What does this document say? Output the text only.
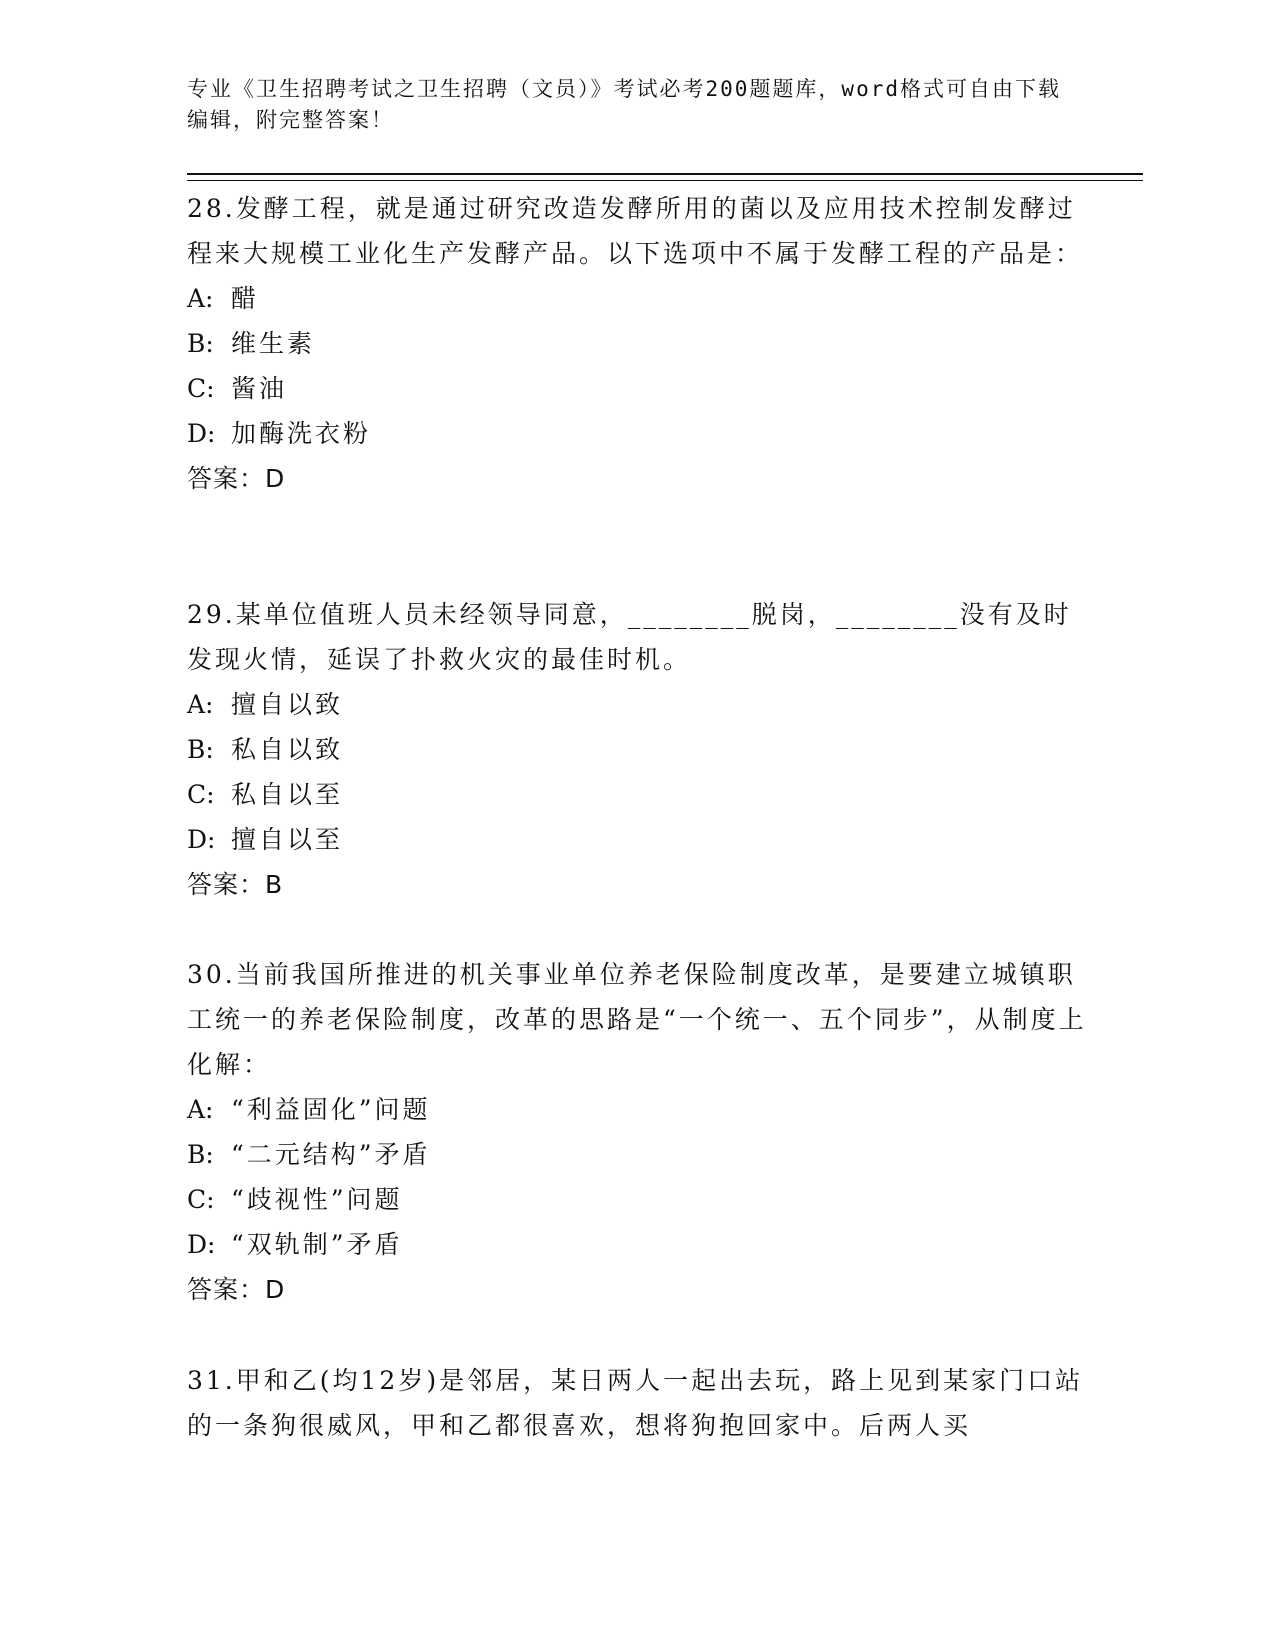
专业《卫生招聘考试之卫生招聘（文员）》考试必考200题题库，word格式可自由下载编辑，附完整答案！

28.发酵工程，就是通过研究改造发酵所用的菌以及应用技术控制发酵过程来大规模工业化生产发酵产品。以下选项中不属于发酵工程的产品是：

A: 醋

B: 维生素

C: 酱油

D: 加酶洗衣粉

答案：D

29.某单位值班人员未经领导同意，________脱岗，________没有及时发现火情，延误了扑救火灾的最佳时机。

A: 擅自以致

B: 私自以致

C: 私自以至

D: 擅自以至

答案：B

30.当前我国所推进的机关事业单位养老保险制度改革，是要建立城镇职工统一的养老保险制度，改革的思路是“一个统一、五个同步”，从制度上化解：

A: “利益固化”问题

B: “二元结构”矛盾

C: “歧视性”问题

D: “双轨制”矛盾

答案：D

31.甲和乙(均12岁)是邻居，某日两人一起出去玩，路上见到某家门口站的一条狗很威风，甲和乙都很喜欢，想将狗抱回家中。后两人买
